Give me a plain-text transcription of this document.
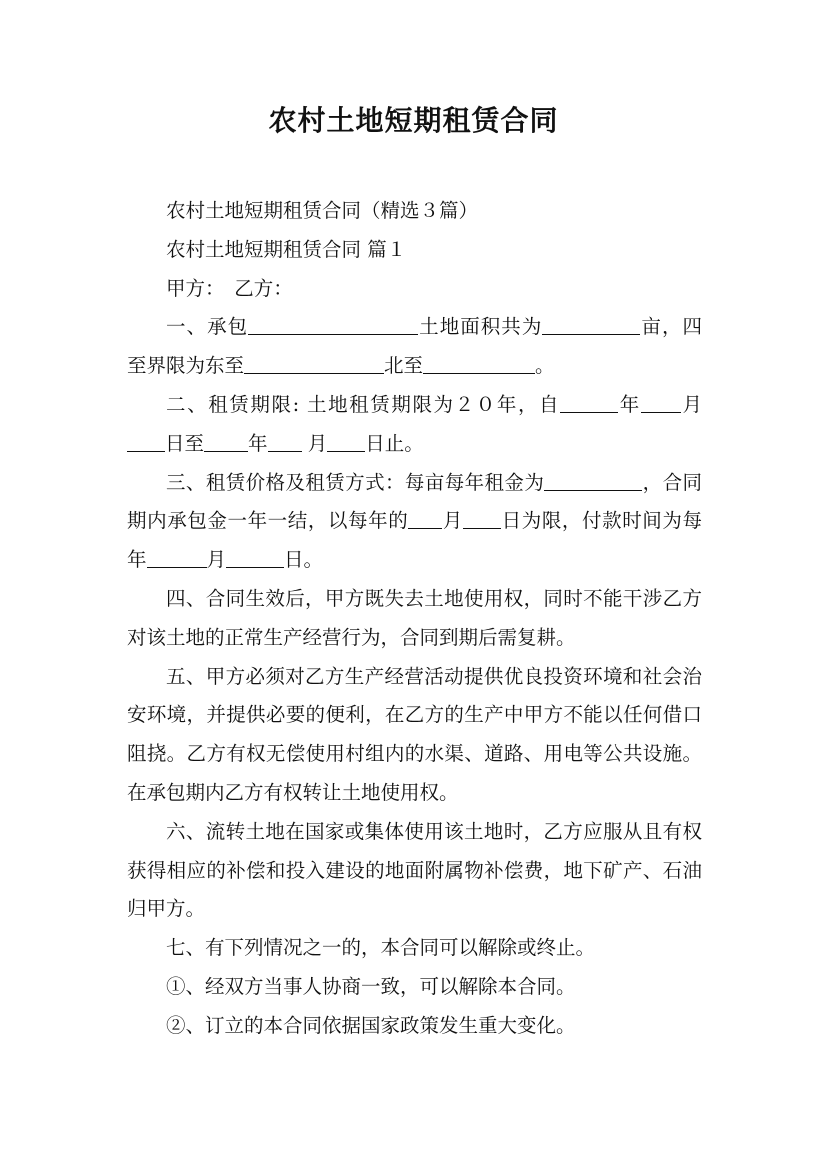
农村土地短期租赁合同

农村土地短期租赁合同（精选３篇）

农村土地短期租赁合同 篇１

甲方：　乙方：

一、承包	土地面积共为	亩，四至界限为东至	北至	。

二、租赁期限: 土地租赁期限为２０年，自	年 月日至 年 月 日止。

三、租赁价格及租赁方式：每亩每年租金为	，合同期内承包金一年一结，以每年的 月 日为限，付款时间为每年	月	日。

四、合同生效后，甲方既失去土地使用权，同时不能干涉乙方对该土地的正常生产经营行为，合同到期后需复耕。

五、甲方必须对乙方生产经营活动提供优良投资环境和社会治安环境，并提供必要的便利，在乙方的生产中甲方不能以任何借口阻挠。乙方有权无偿使用村组内的水渠、道路、用电等公共设施。 在承包期内乙方有权转让土地使用权。

六、流转土地在国家或集体使用该土地时，乙方应服从且有权获得相应的补偿和投入建设的地面附属物补偿费，地下矿产、石油归甲方。

七、有下列情况之一的，本合同可以解除或终止。

①、经双方当事人协商一致，可以解除本合同。

②、订立的本合同依据国家政策发生重大变化。
